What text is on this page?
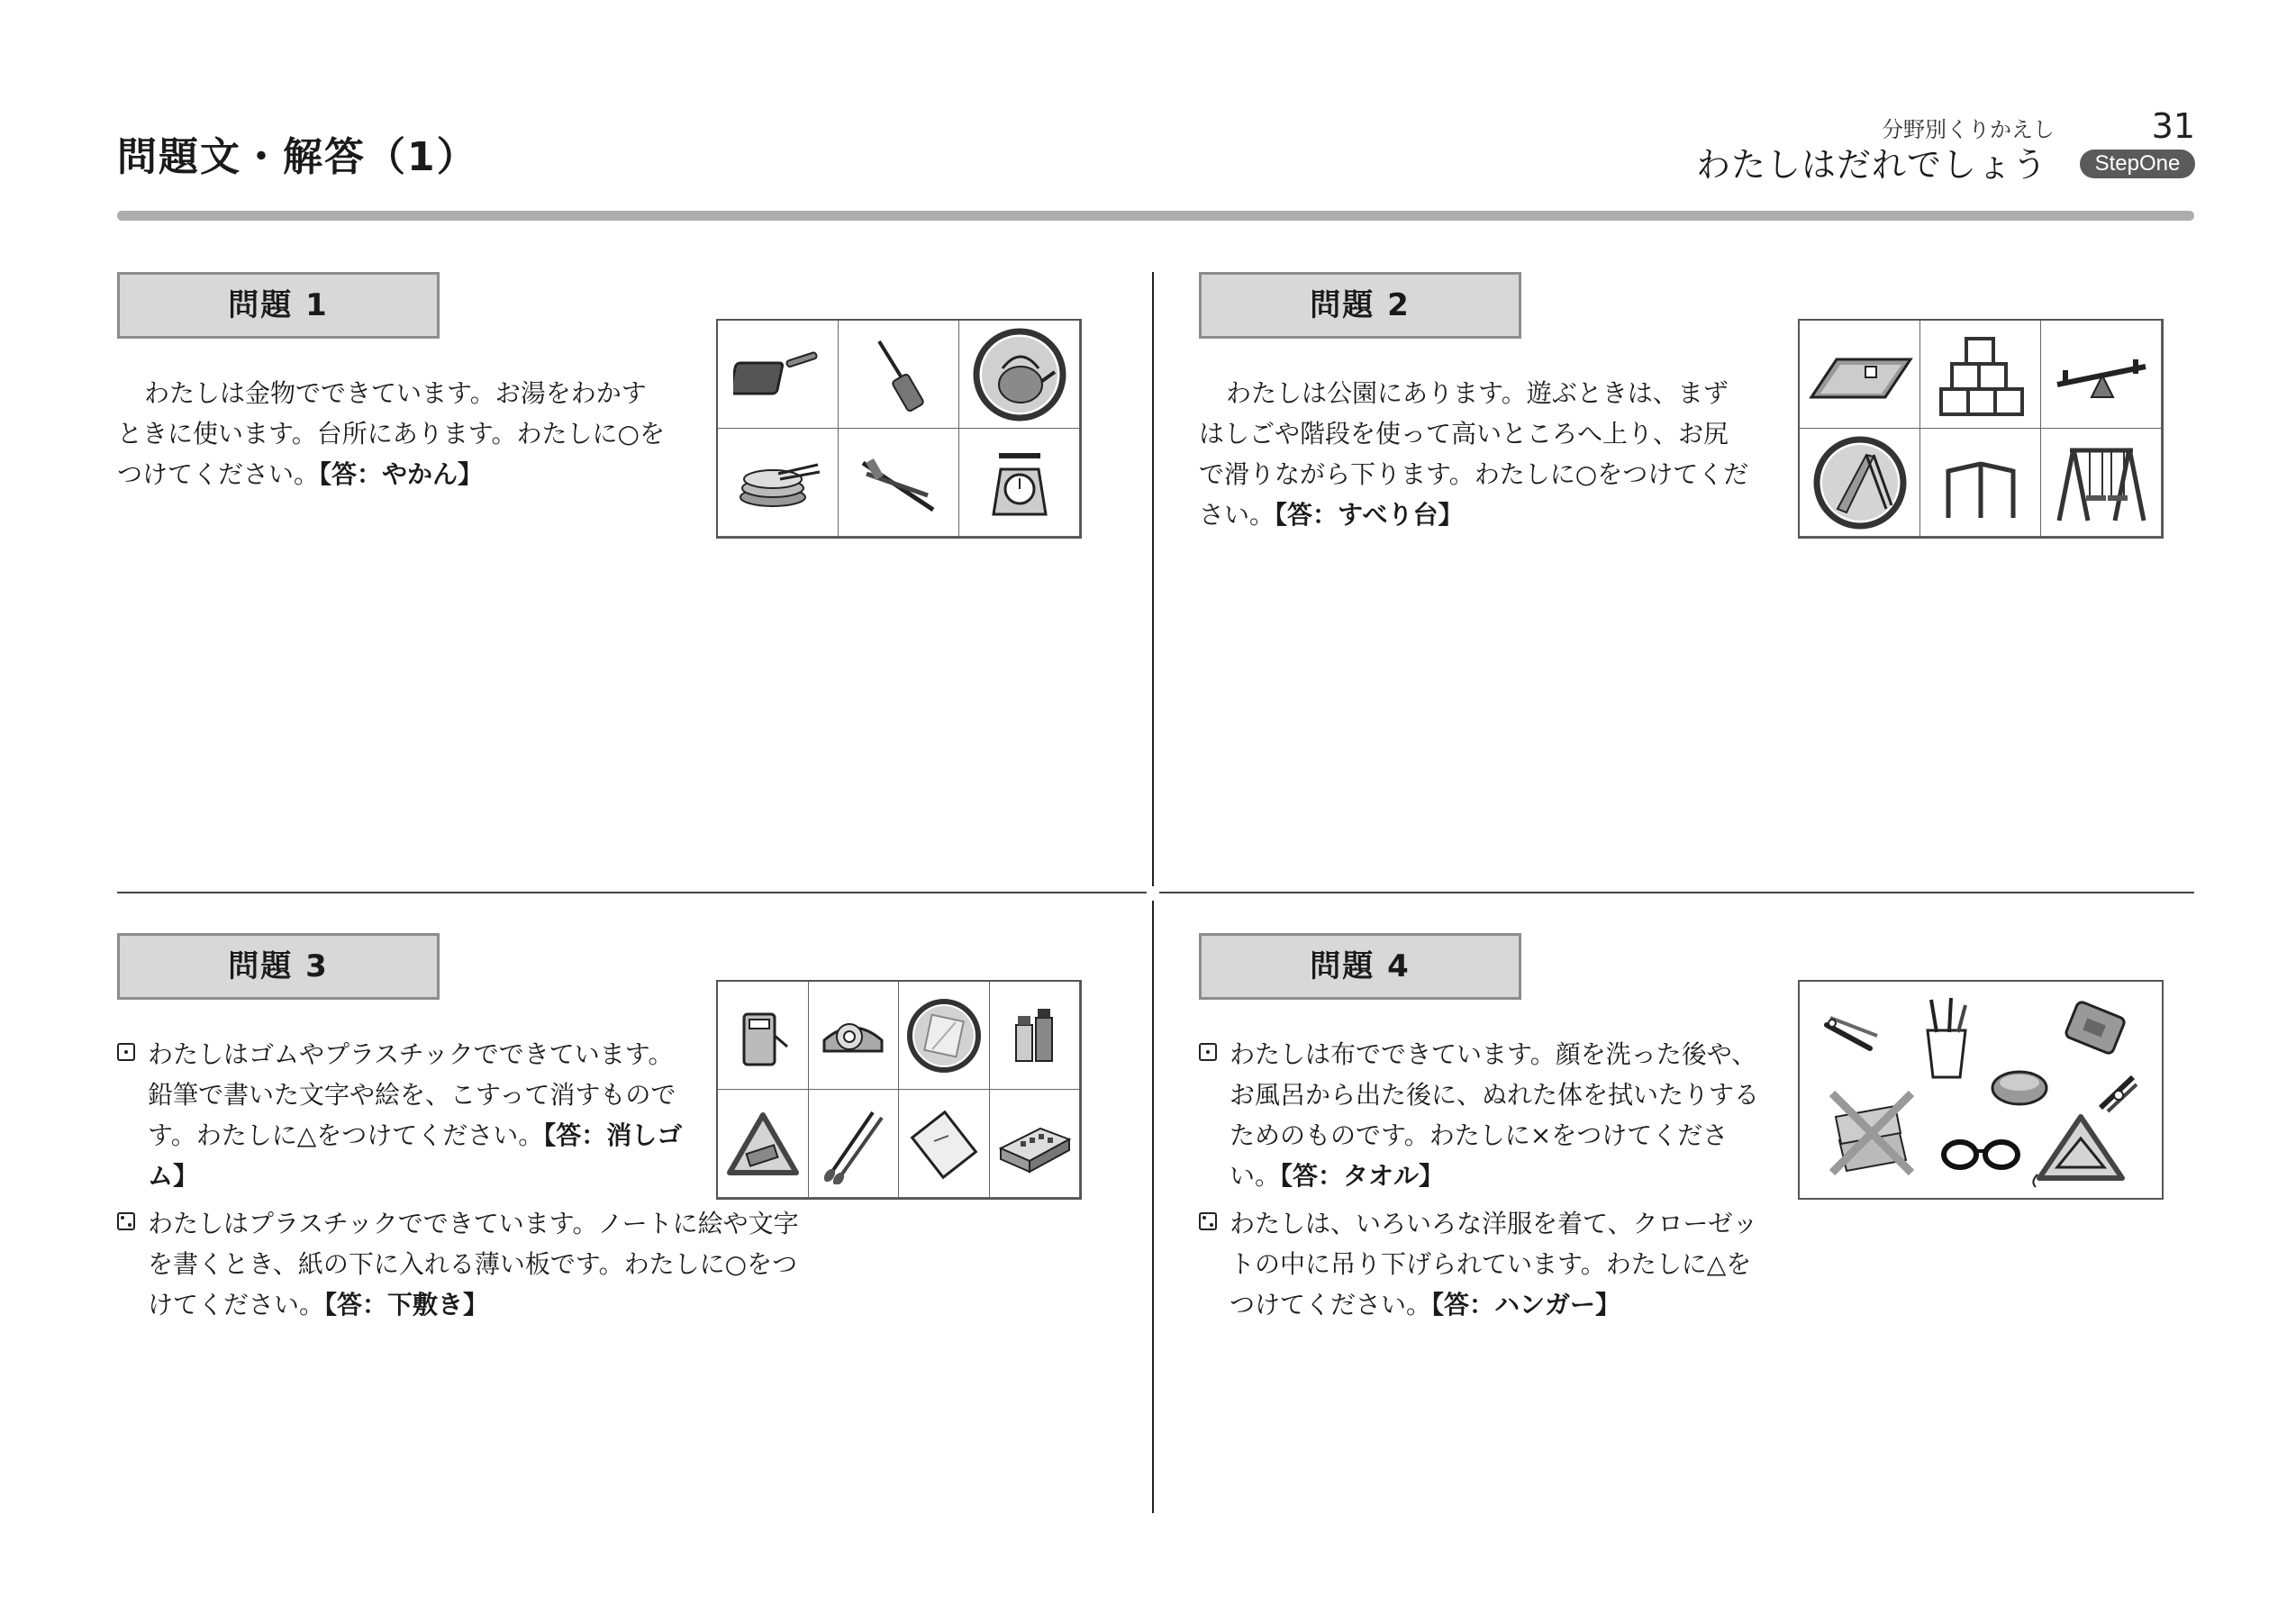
問題文・解答（1）
分野別くりかえし
わたしはだれでしょう
31
StepOne
問題 1
わたしは金物でできています。お湯をわかすときに使います。台所にあります。わたしに○をつけてください。【答：やかん】
問題 2
わたしは公園にあります。遊ぶときは、まずはしごや階段を使って高いところへ上り、お尻で滑りながら下ります。わたしに○をつけてください。【答：すべり台】
問題 3
わたしはゴムやプラスチックでできています。鉛筆で書いた文字や絵を、こすって消すものです。わたしに△をつけてください。【答：消しゴム】
わたしはプラスチックでできています。ノートに絵や文字を書くとき、紙の下に入れる薄い板です。わたしに○をつけてください。【答：下敷き】
問題 4
わたしは布でできています。顔を洗った後や、お風呂から出た後に、ぬれた体を拭いたりするためのものです。わたしに×をつけてください。【答：タオル】
わたしは、いろいろな洋服を着て、クローゼットの中に吊り下げられています。わたしに△をつけてください。【答：ハンガー】
